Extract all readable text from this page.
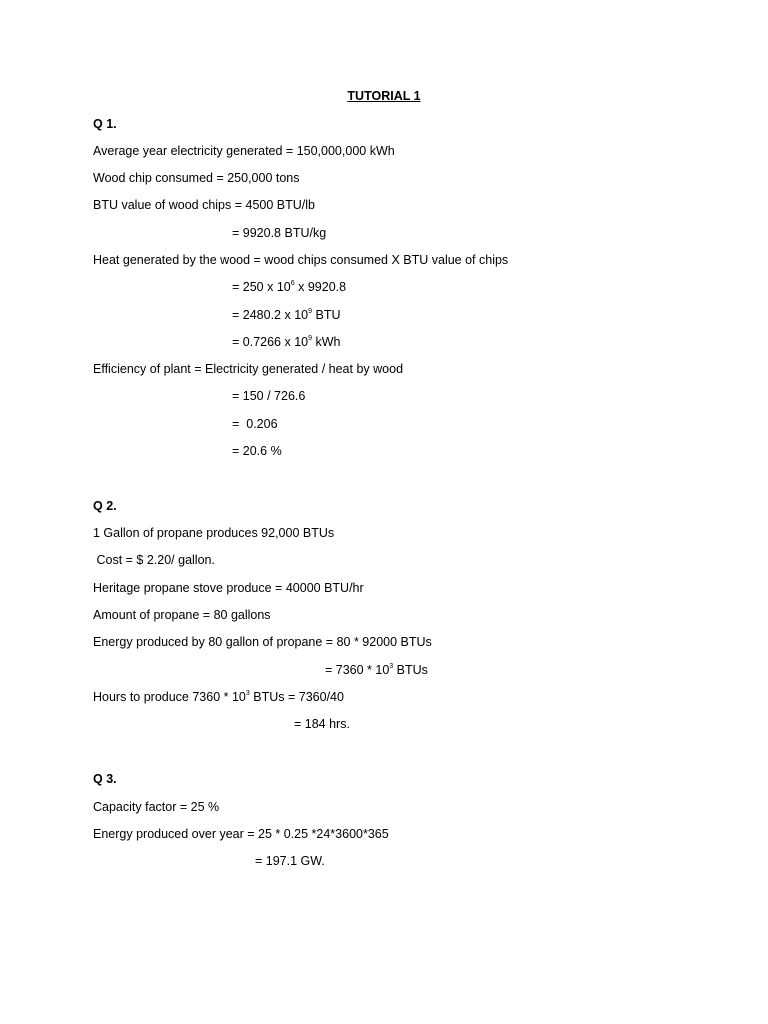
TUTORIAL 1
Q 1.
Average year electricity generated = 150,000,000 kWh
Wood chip consumed = 250,000 tons
BTU value of wood chips = 4500 BTU/lb
= 9920.8 BTU/kg
Heat generated by the wood = wood chips consumed X BTU value of chips
= 250 x $10^6$ x 9920.8
= 2480.2 x $10^9$ BTU
= 0.7266 x $10^9$ kWh
Efficiency of plant = Electricity generated / heat by wood
= 150 / 726.6
=  0.206
= 20.6 %
Q 2.
1 Gallon of propane produces 92,000 BTUs
Cost = $ 2.20/ gallon.
Heritage propane stove produce = 40000 BTU/hr
Amount of propane = 80 gallons
Energy produced by 80 gallon of propane = 80 * 92000 BTUs
= $7360 * 10^3$ BTUs
Hours to produce $7360 * 10^3$ BTUs = 7360/40
= 184 hrs.
Q 3.
Capacity factor = 25 %
Energy produced over year = 25 * 0.25 *24*3600*365
= 197.1 GW.
